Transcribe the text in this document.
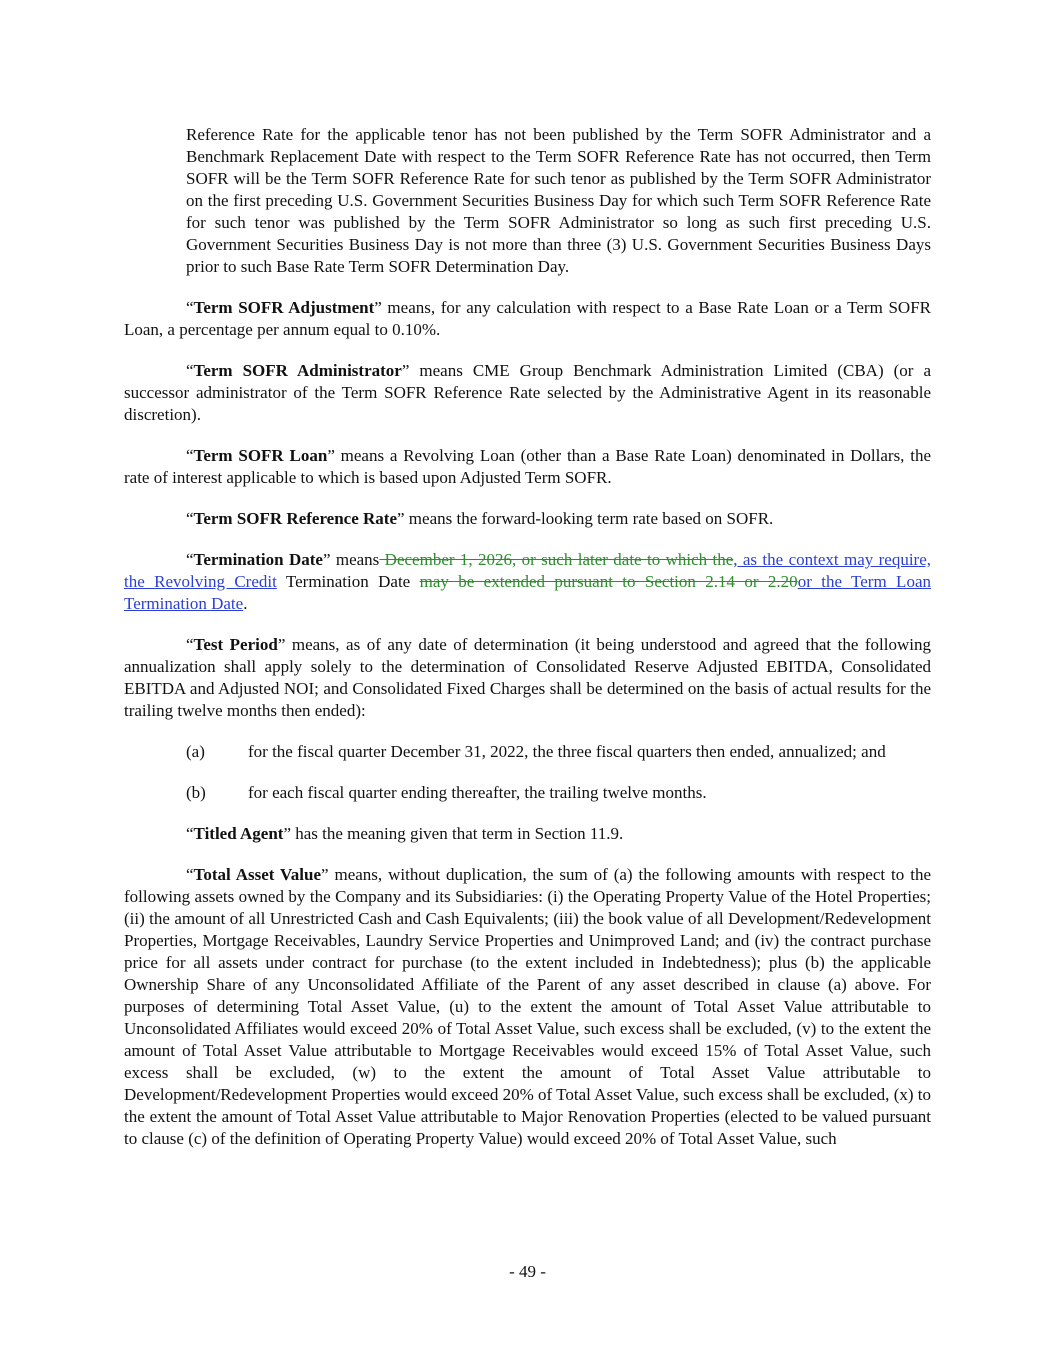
Reference Rate for the applicable tenor has not been published by the Term SOFR Administrator and a Benchmark Replacement Date with respect to the Term SOFR Reference Rate has not occurred, then Term SOFR will be the Term SOFR Reference Rate for such tenor as published by the Term SOFR Administrator on the first preceding U.S. Government Securities Business Day for which such Term SOFR Reference Rate for such tenor was published by the Term SOFR Administrator so long as such first preceding U.S. Government Securities Business Day is not more than three (3) U.S. Government Securities Business Days prior to such Base Rate Term SOFR Determination Day.

“Term SOFR Adjustment” means, for any calculation with respect to a Base Rate Loan or a Term SOFR Loan, a percentage per annum equal to 0.10%.

“Term SOFR Administrator” means CME Group Benchmark Administration Limited (CBA) (or a successor administrator of the Term SOFR Reference Rate selected by the Administrative Agent in its reasonable discretion).

“Term SOFR Loan” means a Revolving Loan (other than a Base Rate Loan) denominated in Dollars, the rate of interest applicable to which is based upon Adjusted Term SOFR.

“Term SOFR Reference Rate” means the forward-looking term rate based on SOFR.

“Termination Date” means December 1, 2026, or such later date to which the, as the context may require, the Revolving Credit Termination Date may be extended pursuant to Section 2.14 or 2.20or the Term Loan Termination Date.

“Test Period” means, as of any date of determination (it being understood and agreed that the following annualization shall apply solely to the determination of Consolidated Reserve Adjusted EBITDA, Consolidated EBITDA and Adjusted NOI; and Consolidated Fixed Charges shall be determined on the basis of actual results for the trailing twelve months then ended):

(a)	for the fiscal quarter December 31, 2022, the three fiscal quarters then ended, annualized; and
(b)	for each fiscal quarter ending thereafter, the trailing twelve months.

“Titled Agent” has the meaning given that term in Section 11.9.

“Total Asset Value” means, without duplication, the sum of (a) the following amounts with respect to the following assets owned by the Company and its Subsidiaries: (i) the Operating Property Value of the Hotel Properties; (ii) the amount of all Unrestricted Cash and Cash Equivalents; (iii) the book value of all Development/Redevelopment Properties, Mortgage Receivables, Laundry Service Properties and Unimproved Land; and (iv) the contract purchase price for all assets under contract for purchase (to the extent included in Indebtedness); plus (b) the applicable Ownership Share of any Unconsolidated Affiliate of the Parent of any asset described in clause (a) above. For purposes of determining Total Asset Value, (u) to the extent the amount of Total Asset Value attributable to Unconsolidated Affiliates would exceed 20% of Total Asset Value, such excess shall be excluded, (v) to the extent the amount of Total Asset Value attributable to Mortgage Receivables would exceed 15% of Total Asset Value, such excess shall be excluded, (w) to the extent the amount of Total Asset Value attributable to Development/Redevelopment Properties would exceed 20% of Total Asset Value, such excess shall be excluded, (x) to the extent the amount of Total Asset Value attributable to Major Renovation Properties (elected to be valued pursuant to clause (c) of the definition of Operating Property Value) would exceed 20% of Total Asset Value, such

- 49 -
